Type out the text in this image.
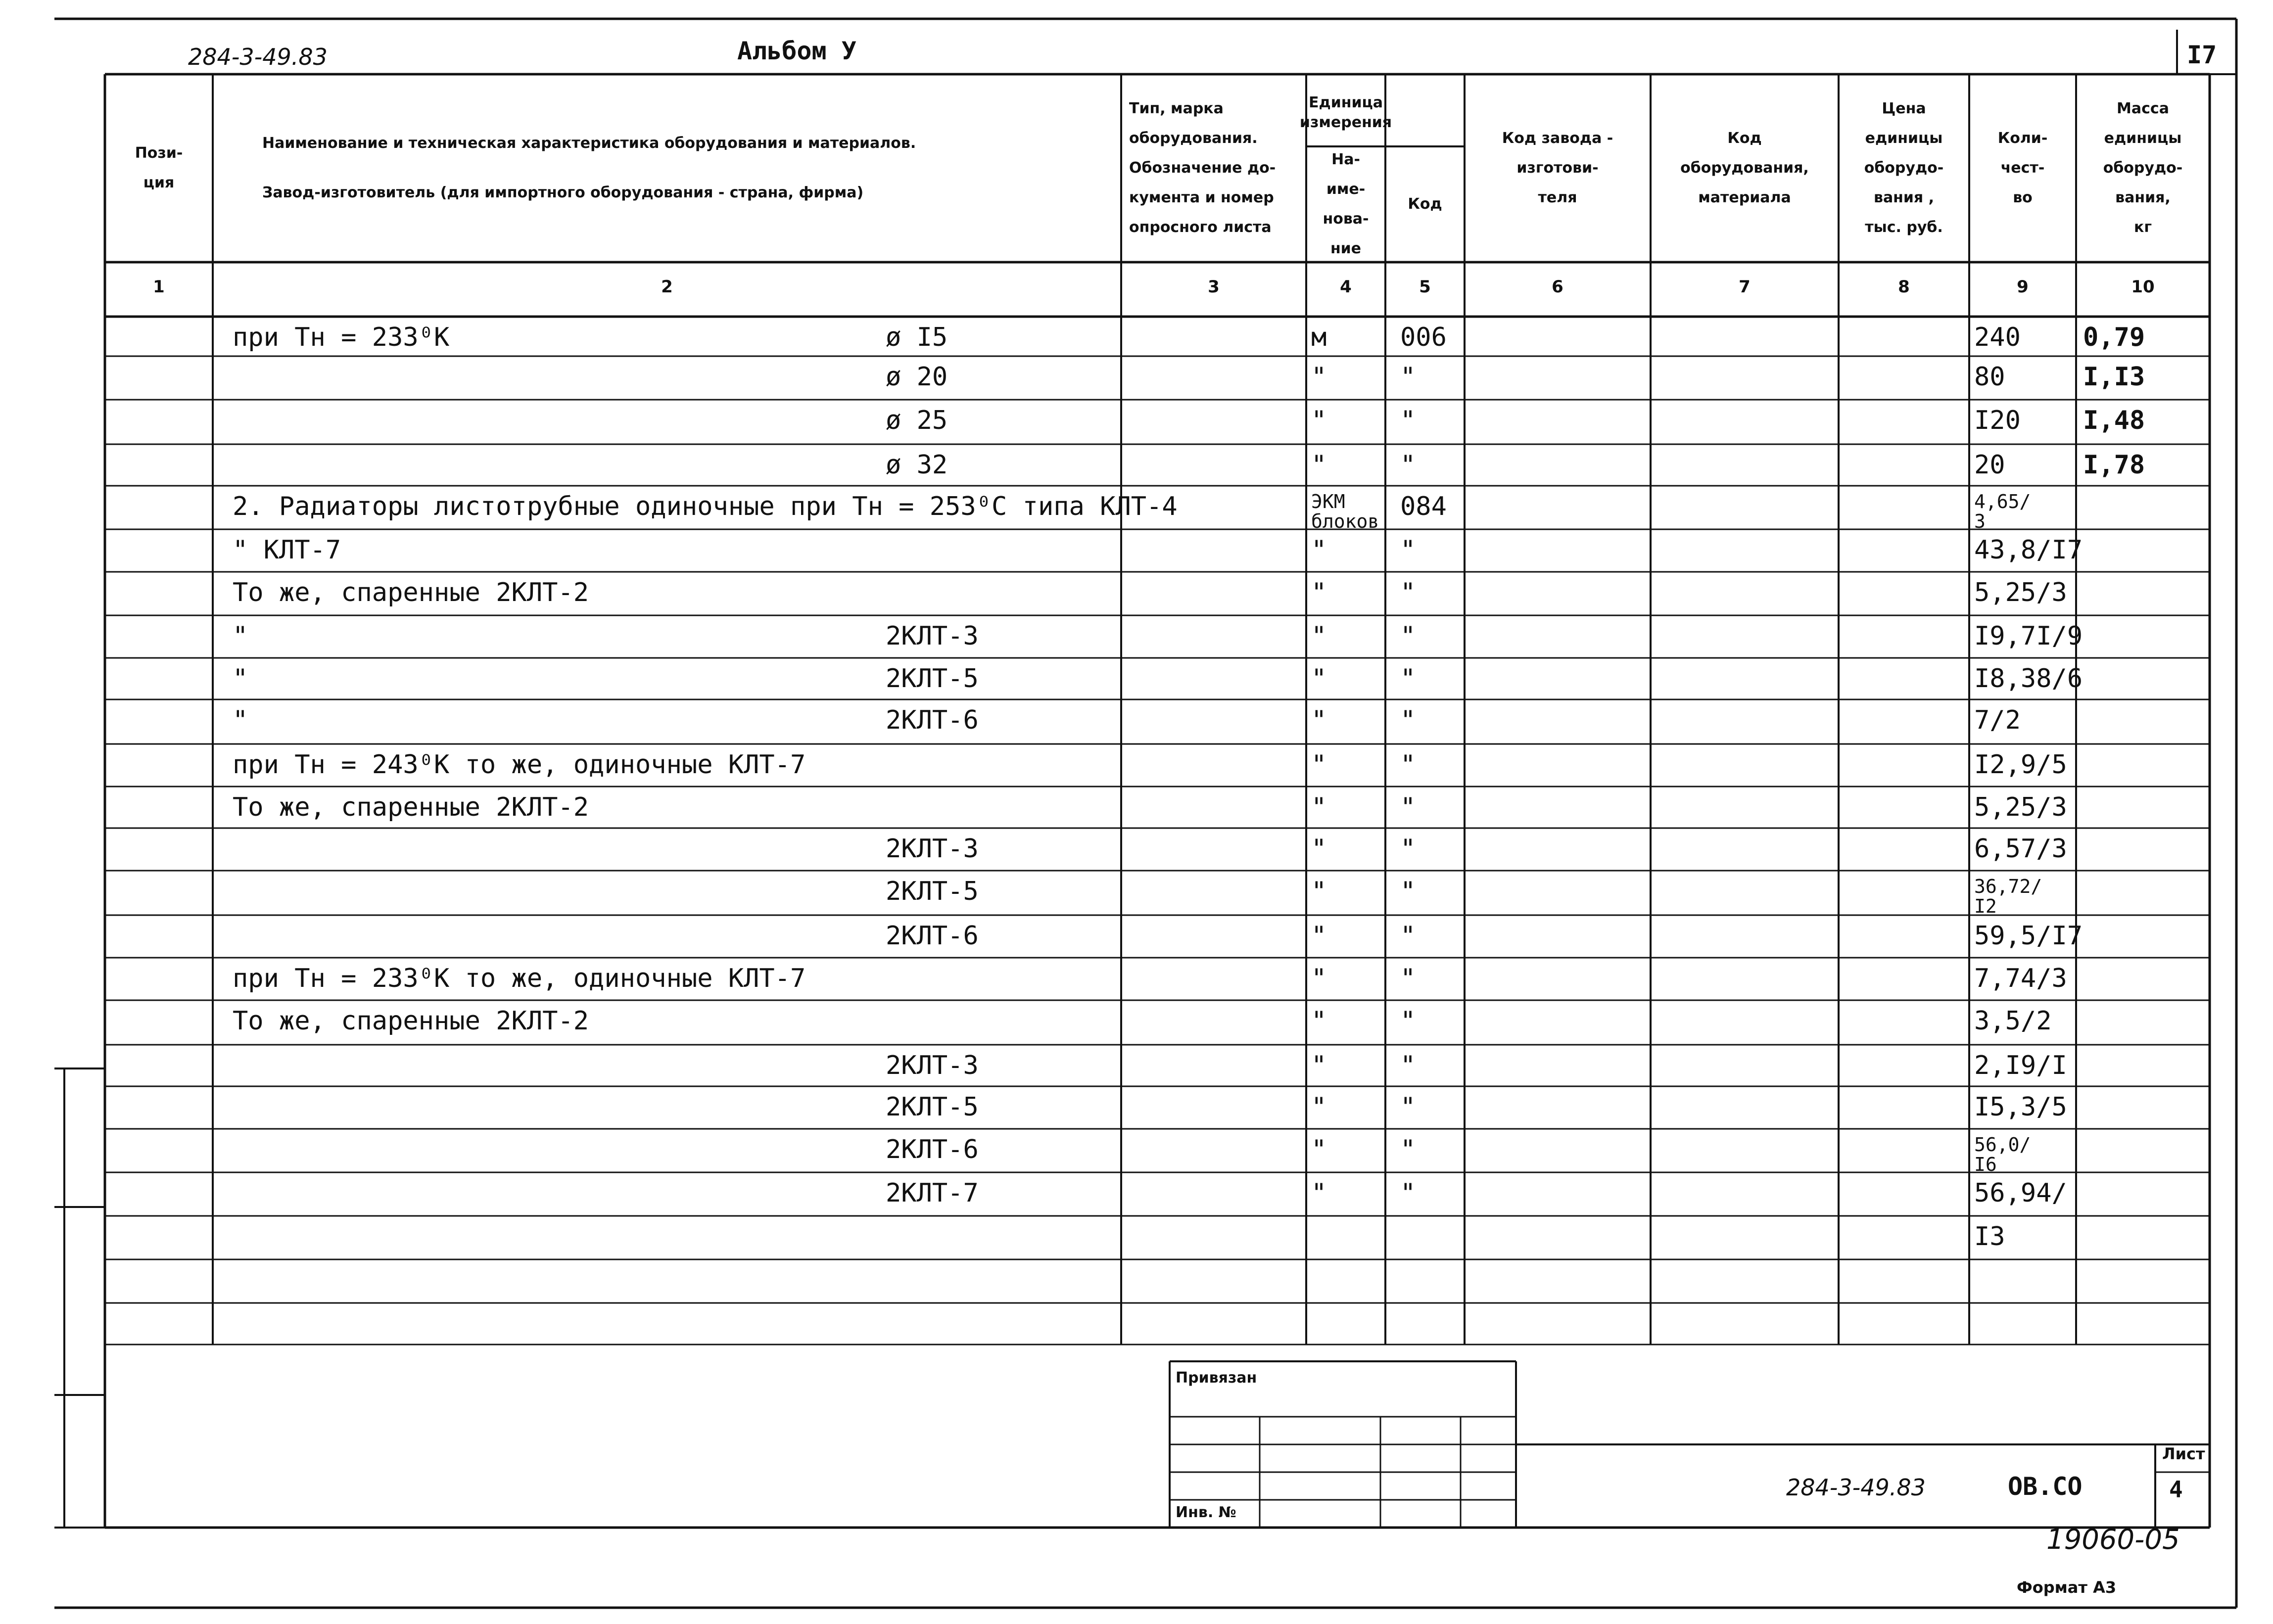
284-3-49.83	Альбом У	I7
Пози-
ция
1
Наименование и техническая характеристика оборудования и материалов.
Завод-изготовитель (для импортного оборудования - страна, фирма)
2
Тип, марка
оборудования.
Обозначение до-
кумента и номер
опросного листа
3
На-
име-
нова-
ние
4
Код
5
Код завода -
изготови-
теля
6
Код
оборудования,
материала
7
Цена
единицы
оборудо-
вания ,
тыс. руб.
8
Коли-
чест-
во
9
Масса
единицы
оборудо-
вания,
кг
10
Единица
измерения
при Тн = 233⁰К	ø I5	м	006	240 0,79
ø 20	"	"	80	I,I3
ø 25	"	"	I20 I,48
ø 32	"	"	20	I,78
2. Радиаторы листотрубные одиночные при Тн = 253⁰С типа КЛТ-4	ЭКМ
блоков 084	4,65/
3
" КЛТ-7	"	"	43,8/I7
То же, спаренные 2КЛТ-2	"	"	5,25/3
"	2КЛТ-3	"	"	I9,7I/9
"	2КЛТ-5	"	"	I8,38/6
"	2КЛТ-6	"	"	7/2
при Тн = 243⁰К то же, одиночные КЛТ-7	"	"	I2,9/5
То же, спаренные 2КЛТ-2	"	"	5,25/3
2КЛТ-3	"	"	6,57/3
2КЛТ-5	"	"	36,72/
I2
2КЛТ-6	"	"	59,5/I7
при Тн = 233⁰К то же, одиночные КЛТ-7	"	"	7,74/3
То же, спаренные 2КЛТ-2	"	"	3,5/2
2КЛТ-3	"	"	2,I9/I
2КЛТ-5	"	"	I5,3/5
2КЛТ-6	"	"	56,0/
I6
2КЛТ-7	"	"	56,94/
I3
Привязан
Инв. №
284-3-49.83	ОВ.СО
Лист
4
19060-05
Формат А3
